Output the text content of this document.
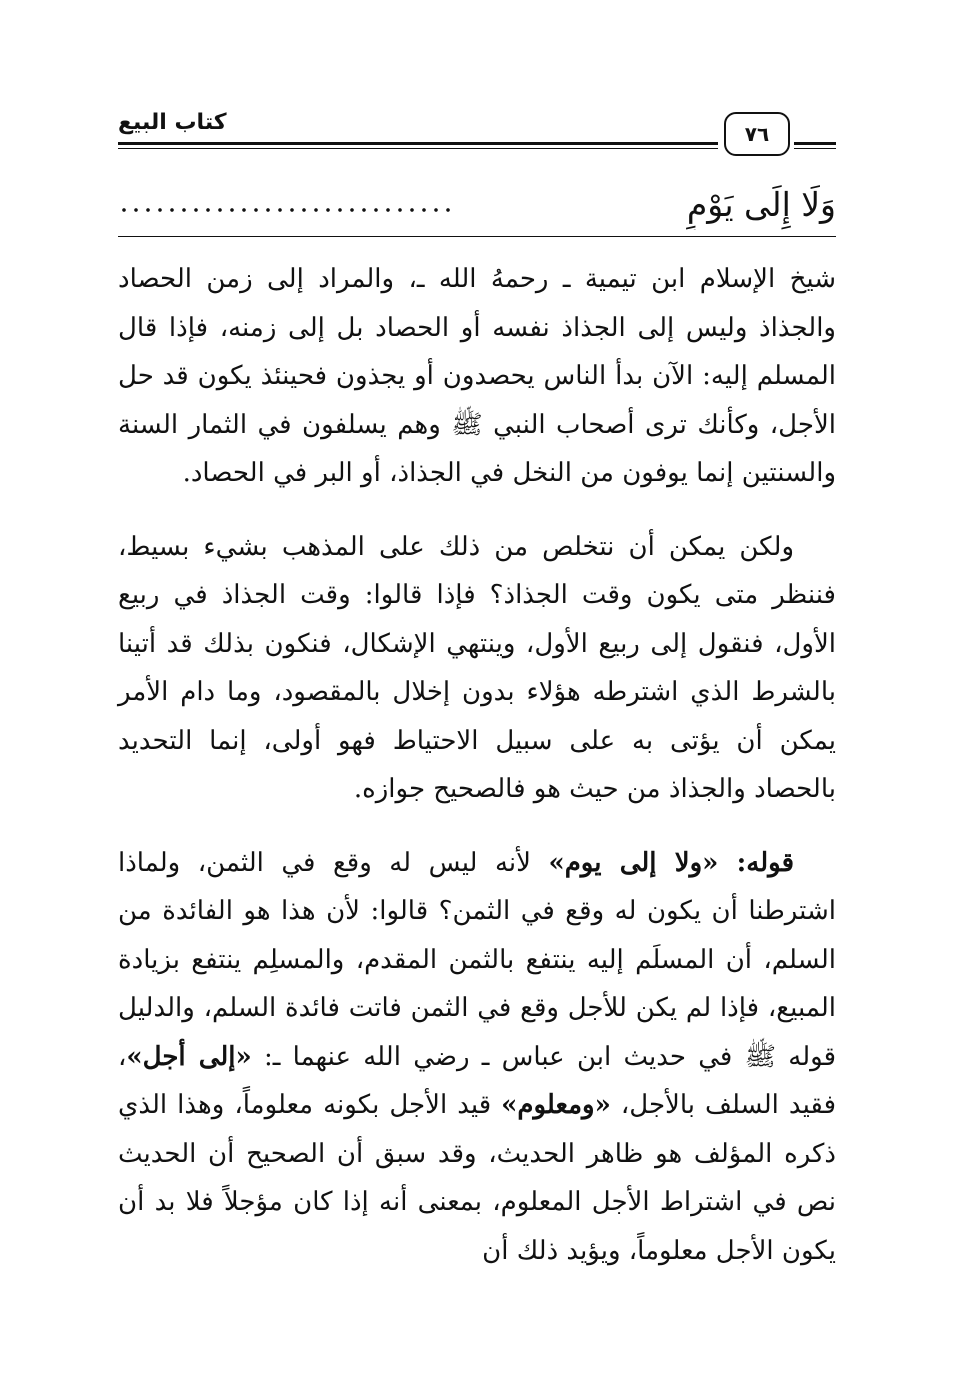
كتاب البيع	٧٦
وَلَا إِلَى يَوْمٍ

شيخ الإسلام ابن تيمية ـ رحمهُ الله ـ، والمراد إلى زمن الحصاد والجذاذ وليس إلى الجذاذ نفسه أو الحصاد بل إلى زمنه، فإذا قال المسلم إليه: الآن بدأ الناس يحصدون أو يجذون فحينئذ يكون قد حل الأجل، وكأنك ترى أصحاب النبي ﷺ وهم يسلفون في الثمار السنة والسنتين إنما يوفون من النخل في الجذاذ، أو البر في الحصاد.

ولكن يمكن أن نتخلص من ذلك على المذهب بشيء بسيط، فننظر متى يكون وقت الجذاذ؟ فإذا قالوا: وقت الجذاذ في ربيع الأول، فنقول إلى ربيع الأول، وينتهي الإشكال، فنكون بذلك قد أتينا بالشرط الذي اشترطه هؤلاء بدون إخلال بالمقصود، وما دام الأمر يمكن أن يؤتى به على سبيل الاحتياط فهو أولى، إنما التحديد بالحصاد والجذاذ من حيث هو فالصحيح جوازه.

قوله: «ولا إلى يوم» لأنه ليس له وقع في الثمن، ولماذا اشترطنا أن يكون له وقع في الثمن؟ قالوا: لأن هذا هو الفائدة من السلم، أن المسلَم إليه ينتفع بالثمن المقدم، والمسلِم ينتفع بزيادة المبيع، فإذا لم يكن للأجل وقع في الثمن فاتت فائدة السلم، والدليل قوله ﷺ في حديث ابن عباس ـ رضي الله عنهما ـ: «إلى أجل»، فقيد السلف بالأجل، «ومعلوم» قيد الأجل بكونه معلوماً، وهذا الذي ذكره المؤلف هو ظاهر الحديث، وقد سبق أن الصحيح أن الحديث نص في اشتراط الأجل المعلوم، بمعنى أنه إذا كان مؤجلاً فلا بد أن يكون الأجل معلوماً، ويؤيد ذلك أن
